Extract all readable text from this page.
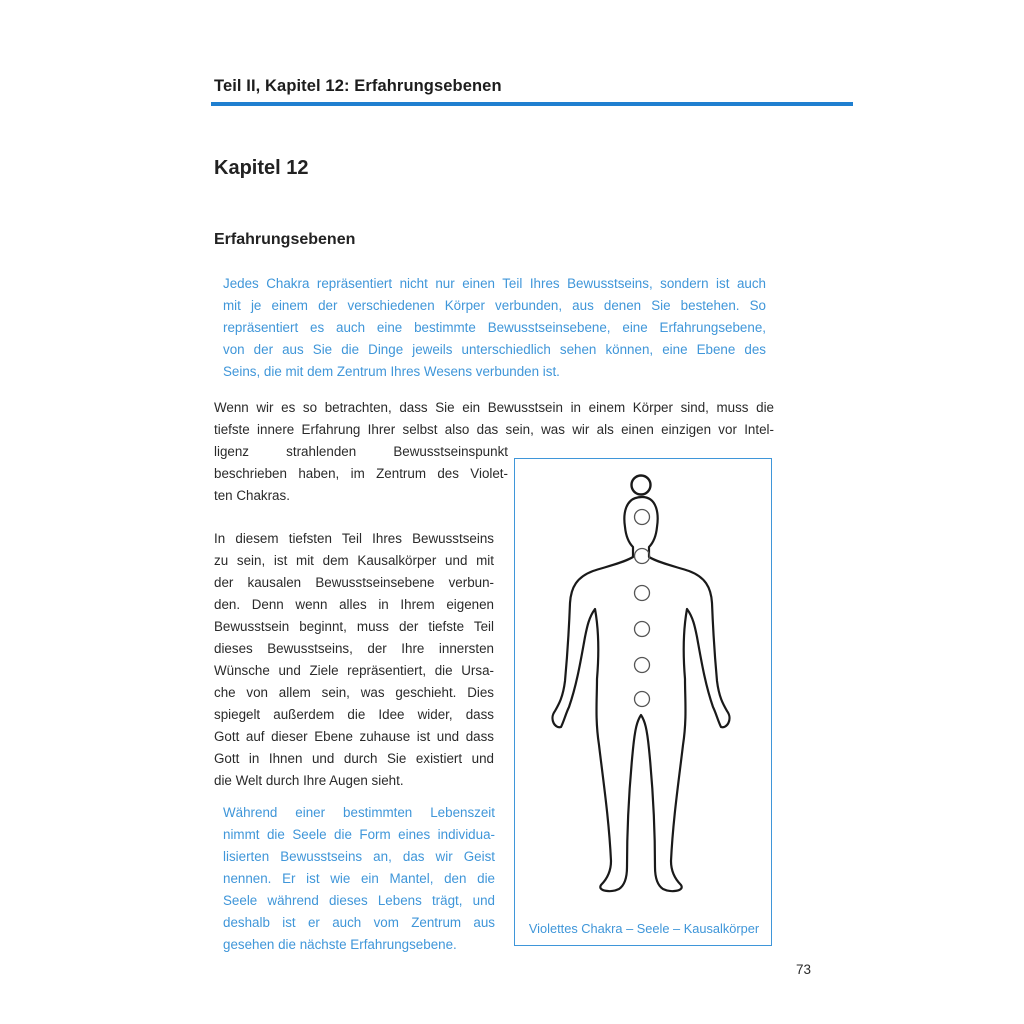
Teil II, Kapitel 12: Erfahrungsebenen
Kapitel 12
Erfahrungsebenen
Jedes Chakra repräsentiert nicht nur einen Teil Ihres Bewusstseins, sondern ist auch
mit je einem der verschiedenen Körper verbunden, aus denen Sie bestehen. So
repräsentiert es auch eine bestimmte Bewusstseinsebene, eine Erfahrungsebene,
von der aus Sie die Dinge jeweils unterschiedlich sehen können, eine Ebene des
Seins, die mit dem Zentrum Ihres Wesens verbunden ist.
Wenn wir es so betrachten, dass Sie ein Bewusstsein in einem Körper sind, muss die
tiefste innere Erfahrung Ihrer selbst also das sein, was wir als einen einzigen vor Intel-
ligenz strahlenden Bewusstseinspunkt
beschrieben haben, im Zentrum des Violet-
ten Chakras.
In diesem tiefsten Teil Ihres Bewusstseins
zu sein, ist mit dem Kausalkörper und mit
der kausalen Bewusstseinsebene verbun-
den. Denn wenn alles in Ihrem eigenen
Bewusstsein beginnt, muss der tiefste Teil
dieses Bewusstseins, der Ihre innersten
Wünsche und Ziele repräsentiert, die Ursa-
che von allem sein, was geschieht. Dies
spiegelt außerdem die Idee wider, dass
Gott auf dieser Ebene zuhause ist und dass
Gott in Ihnen und durch Sie existiert und
die Welt durch Ihre Augen sieht.
Während einer bestimmten Lebenszeit
nimmt die Seele die Form eines individua-
lisierten Bewusstseins an, das wir Geist
nennen. Er ist wie ein Mantel, den die
Seele während dieses Lebens trägt, und
deshalb ist er auch vom Zentrum aus
gesehen die nächste Erfahrungsebene.
Violettes Chakra – Seele – Kausalkörper
73
